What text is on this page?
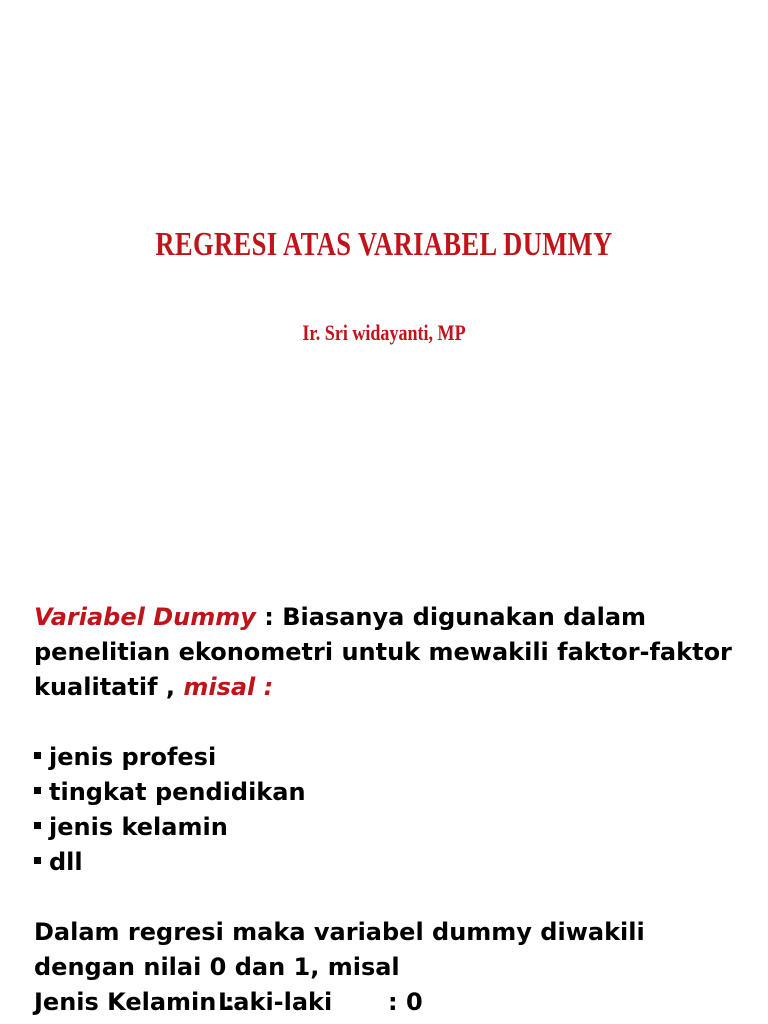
REGRESI ATAS VARIABEL DUMMY
Ir. Sri widayanti, MP
Variabel Dummy : Biasanya digunakan dalam
penelitian ekonometri untuk mewakili faktor-faktor
kualitatif , misal :
jenis profesi
tingkat pendidikan
jenis kelamin
dll
Dalam regresi maka variabel dummy diwakili
dengan nilai 0 dan 1, misal
Jenis Kelamin :Laki-laki : 0
